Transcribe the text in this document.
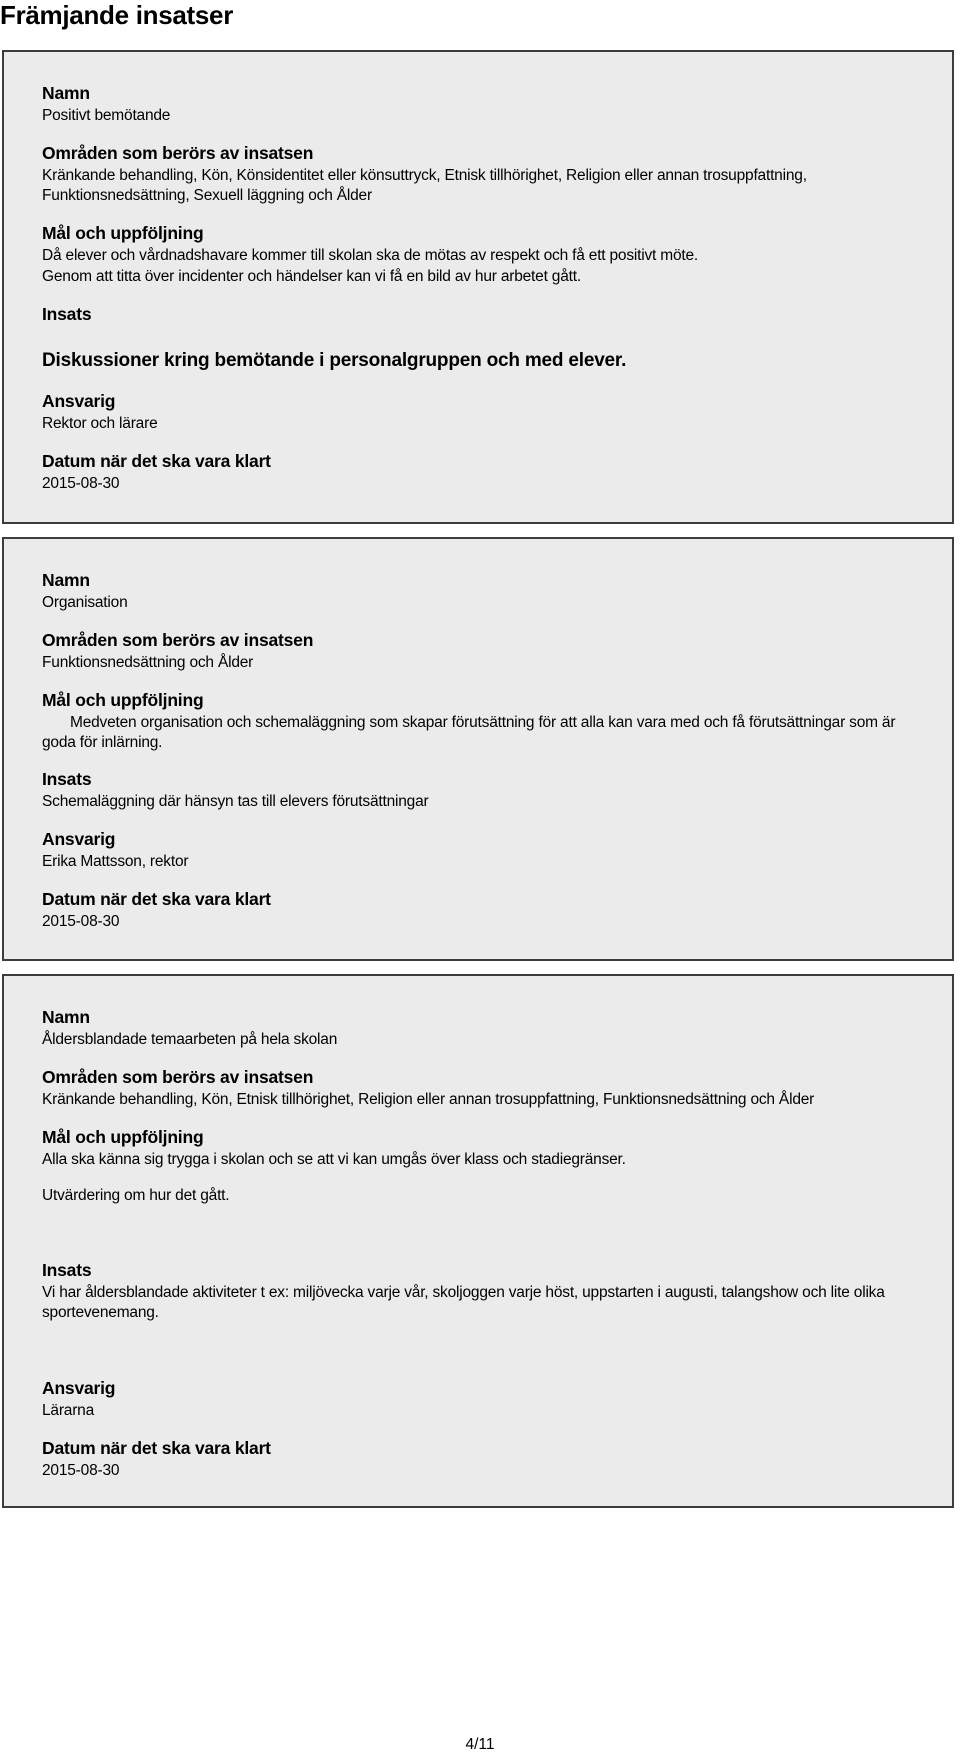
Främjande insatser
Namn
Positivt bemötande
Områden som berörs av insatsen
Kränkande behandling, Kön, Könsidentitet eller könsuttryck, Etnisk tillhörighet, Religion eller annan trosuppfattning, Funktionsnedsättning, Sexuell läggning och Ålder
Mål och uppföljning
Då elever och vårdnadshavare kommer till skolan ska de mötas av respekt och få ett positivt möte.
Genom att titta över incidenter och händelser kan vi få en bild av hur arbetet gått.
Insats
Diskussioner kring bemötande i personalgruppen och med elever.
Ansvarig
Rektor och lärare
Datum när det ska vara klart
2015-08-30
Namn
Organisation
Områden som berörs av insatsen
Funktionsnedsättning och Ålder
Mål och uppföljning
Medveten organisation och schemaläggning som skapar förutsättning för att alla kan vara med och få förutsättningar som är goda för inlärning.
Insats
Schemaläggning där hänsyn tas till elevers förutsättningar
Ansvarig
Erika Mattsson, rektor
Datum när det ska vara klart
2015-08-30
Namn
Åldersblandade temaarbeten på hela skolan
Områden som berörs av insatsen
Kränkande behandling, Kön, Etnisk tillhörighet, Religion eller annan trosuppfattning, Funktionsnedsättning och Ålder
Mål och uppföljning
Alla ska känna sig trygga i skolan och se att vi kan umgås över klass och stadiegränser.
Utvärdering om hur det gått.
Insats
Vi har åldersblandade aktiviteter t ex: miljövecka varje vår, skoljoggen varje höst, uppstarten i augusti, talangshow och lite olika sportevenemang.
Ansvarig
Lärarna
Datum när det ska vara klart
2015-08-30
4/11
